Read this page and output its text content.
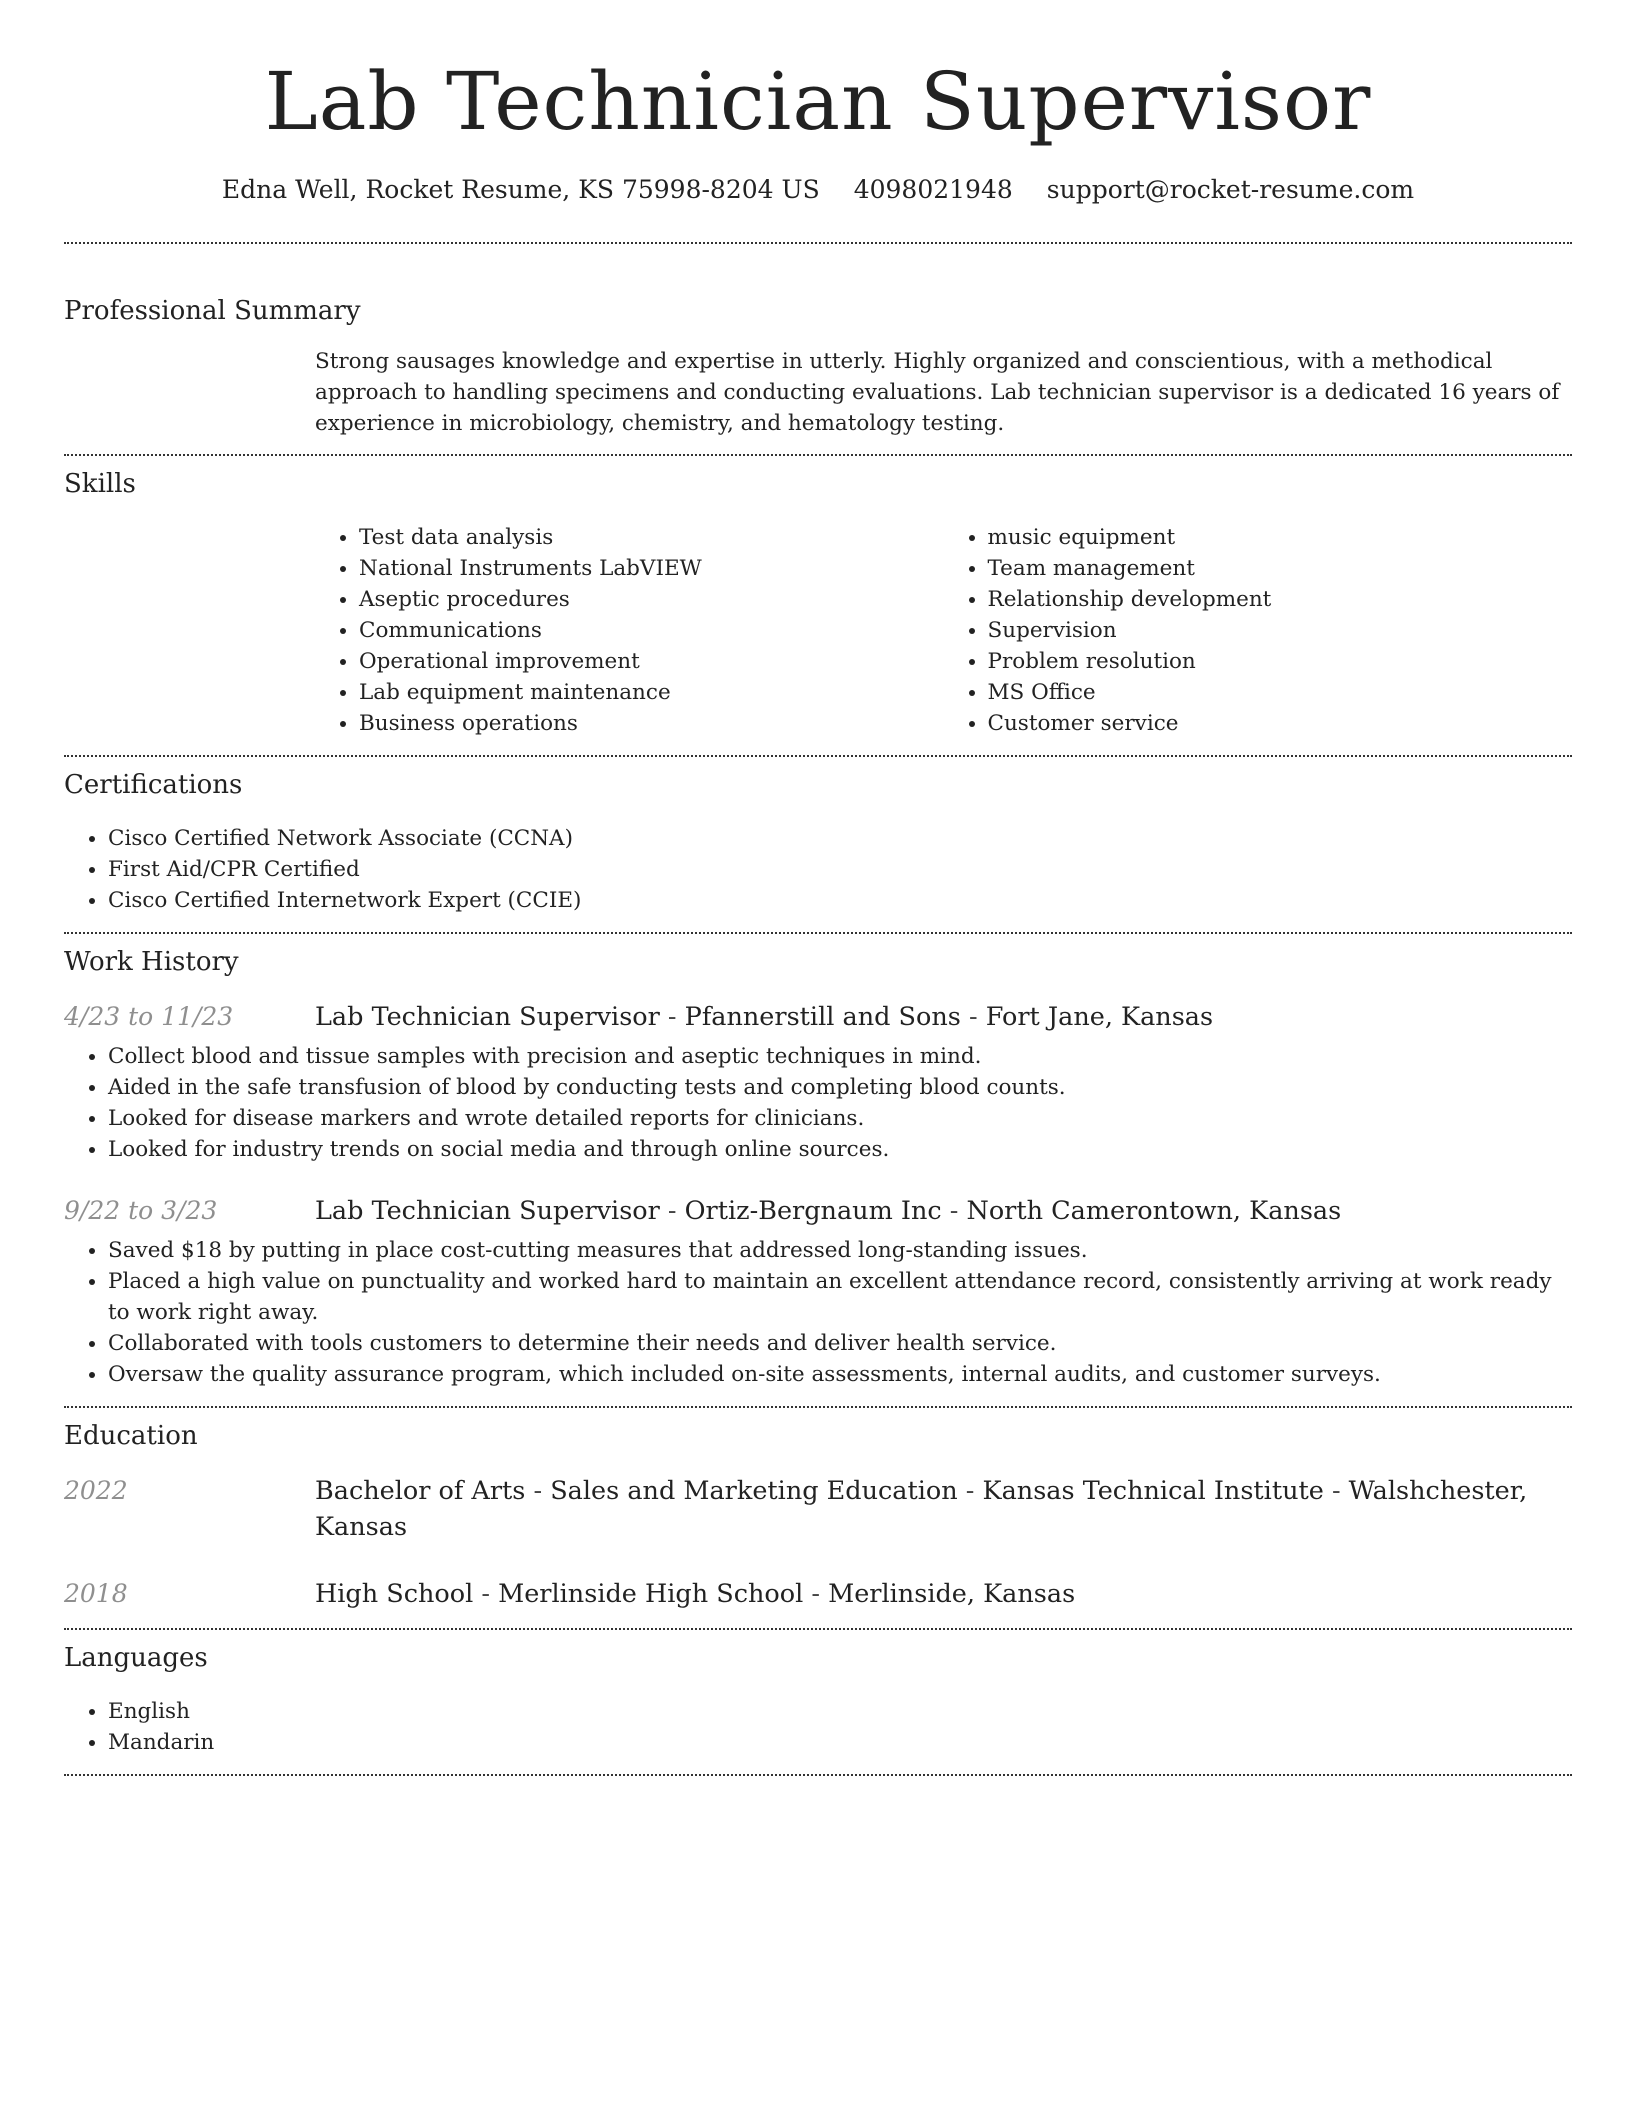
Lab Technician Supervisor
Edna Well, Rocket Resume, KS 75998-8204 US 4098021948 support@rocket-resume.com
Professional Summary

Strong sausages knowledge and expertise in utterly. Highly organized and conscientious, with a methodical approach to handling specimens and conducting evaluations. Lab technician supervisor is a dedicated 16 years of experience in microbiology, chemistry, and hematology testing.

Skills
• Test data analysis
• National Instruments LabVIEW
• Aseptic procedures
• Communications
• Operational improvement
• Lab equipment maintenance
• Business operations
• music equipment
• Team management
• Relationship development
• Supervision
• Problem resolution
• MS Office
• Customer service
Certifications
• Cisco Certified Network Associate (CCNA)
• First Aid/CPR Certified
• Cisco Certified Internetwork Expert (CCIE)
Work History
4/23 to 11/23	Lab Technician Supervisor - Pfannerstill and Sons - Fort Jane, Kansas
• Collect blood and tissue samples with precision and aseptic techniques in mind.
• Aided in the safe transfusion of blood by conducting tests and completing blood counts.
• Looked for disease markers and wrote detailed reports for clinicians.
• Looked for industry trends on social media and through online sources.
9/22 to 3/23	Lab Technician Supervisor - Ortiz-Bergnaum Inc - North Camerontown, Kansas
• Saved $18 by putting in place cost-cutting measures that addressed long-standing issues.
• Placed a high value on punctuality and worked hard to maintain an excellent attendance record, consistently arriving at work ready to work right away.
• Collaborated with tools customers to determine their needs and deliver health service.
• Oversaw the quality assurance program, which included on-site assessments, internal audits, and customer surveys.
Education
2022	Bachelor of Arts - Sales and Marketing Education - Kansas Technical Institute - Walshchester, Kansas
2018	High School - Merlinside High School - Merlinside, Kansas
Languages
• English
• Mandarin
